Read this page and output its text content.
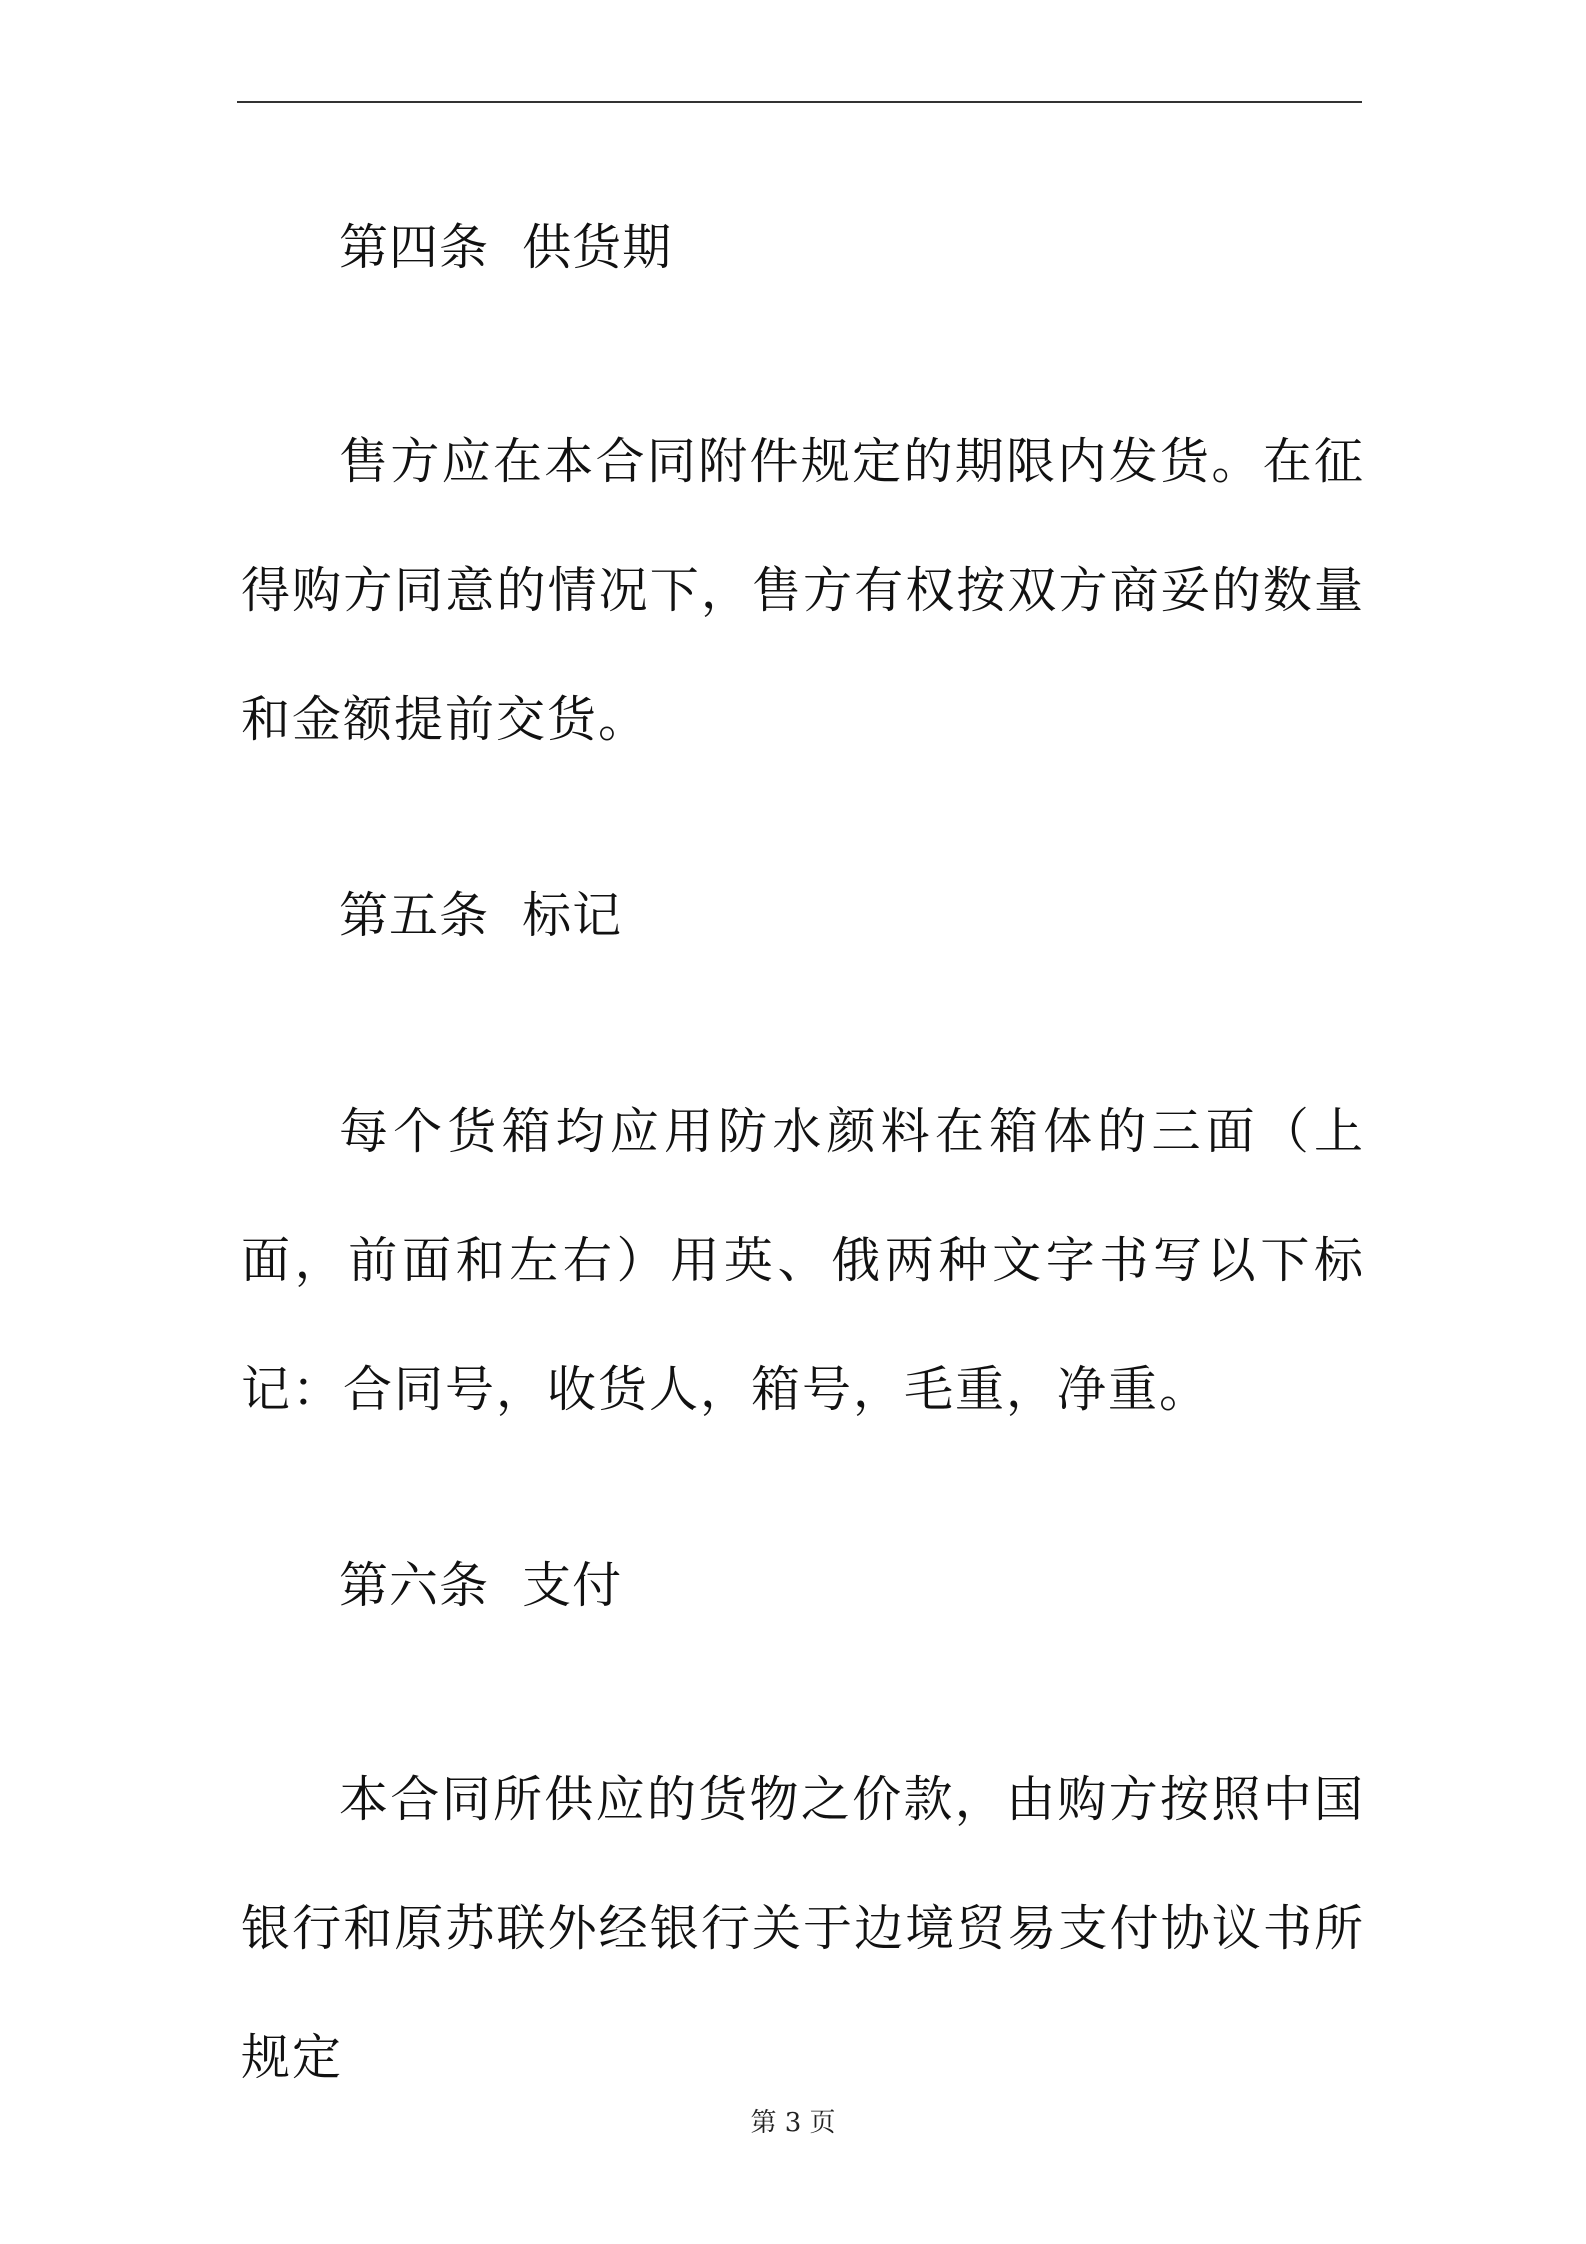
第四条  供货期
售方应在本合同附件规定的期限内发货。在征得购方同意的情况下，售方有权按双方商妥的数量和金额提前交货。
第五条  标记
每个货箱均应用防水颜料在箱体的三面（上面，前面和左右）用英、俄两种文字书写以下标记：合同号，收货人，箱号，毛重，净重。
第六条  支付
本合同所供应的货物之价款，由购方按照中国银行和原苏联外经银行关于边境贸易支付协议书所规定
第 3 页
